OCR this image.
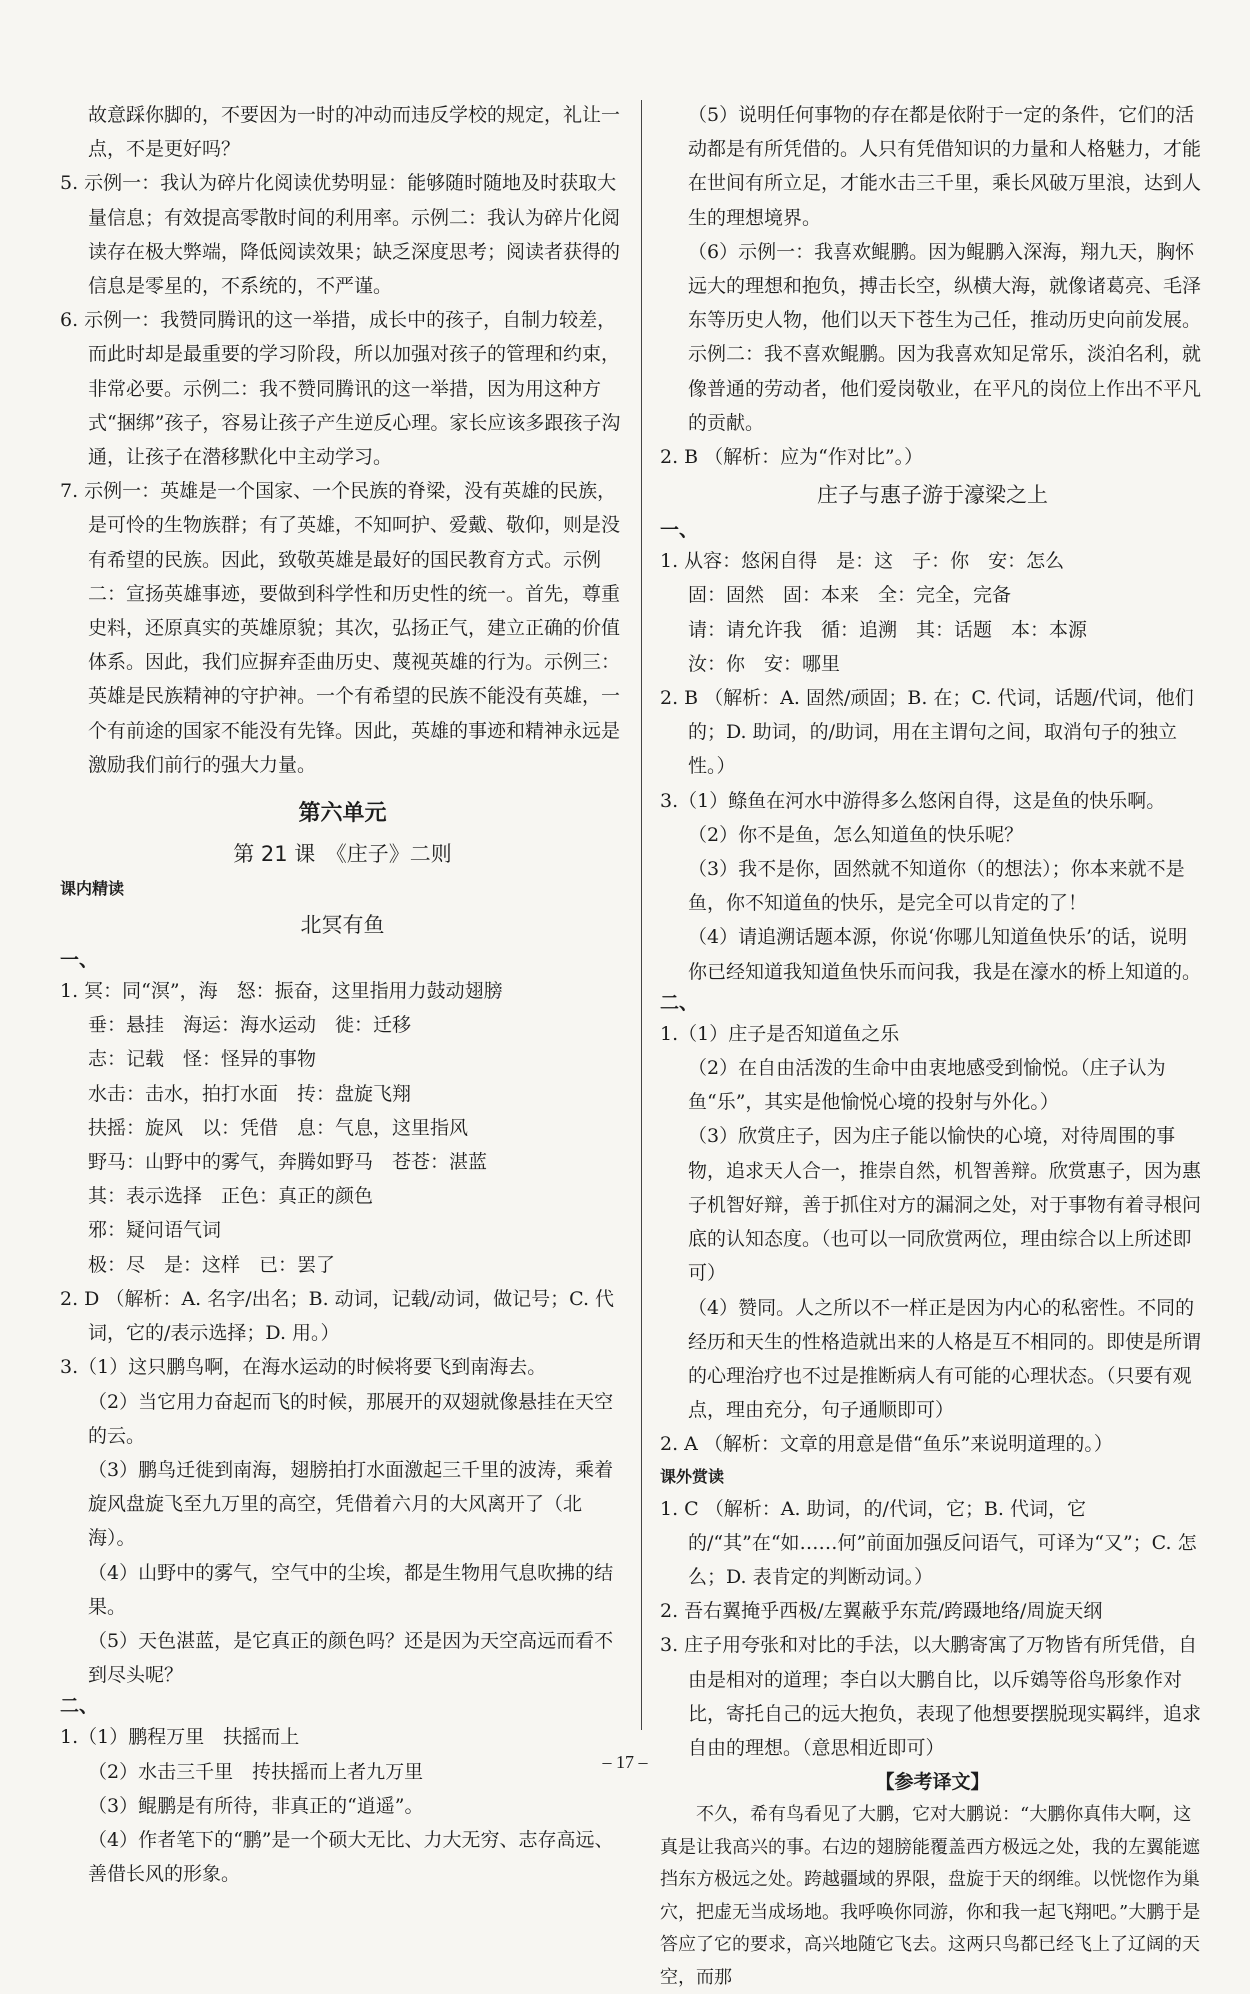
故意踩你脚的，不要因为一时的冲动而违反学校的规定，礼让一点，不是更好吗？

5. 示例一：我认为碎片化阅读优势明显：能够随时随地及时获取大量信息；有效提高零散时间的利用率。示例二：我认为碎片化阅读存在极大弊端，降低阅读效果；缺乏深度思考；阅读者获得的信息是零星的，不系统的，不严谨。

6. 示例一：我赞同腾讯的这一举措，成长中的孩子，自制力较差，而此时却是最重要的学习阶段，所以加强对孩子的管理和约束，非常必要。示例二：我不赞同腾讯的这一举措，因为用这种方式“捆绑”孩子，容易让孩子产生逆反心理。家长应该多跟孩子沟通，让孩子在潜移默化中主动学习。

7. 示例一：英雄是一个国家、一个民族的脊梁，没有英雄的民族，是可怜的生物族群；有了英雄，不知呵护、爱戴、敬仰，则是没有希望的民族。因此，致敬英雄是最好的国民教育方式。示例二：宣扬英雄事迹，要做到科学性和历史性的统一。首先，尊重史料，还原真实的英雄原貌；其次，弘扬正气，建立正确的价值体系。因此，我们应摒弃歪曲历史、蔑视英雄的行为。示例三：英雄是民族精神的守护神。一个有希望的民族不能没有英雄，一个有前途的国家不能没有先锋。因此，英雄的事迹和精神永远是激励我们前行的强大力量。

第六单元
第 21 课　《庄子》二则
课内精读
北冥有鱼
一、

1. 冥：同“溟”，海　怒：振奋，这里指用力鼓动翅膀

垂：悬挂　海运：海水运动　徙：迁移

志：记载　怪：怪异的事物

水击：击水，拍打水面　抟：盘旋飞翔

扶摇：旋风　以：凭借　息：气息，这里指风

野马：山野中的雾气，奔腾如野马　苍苍：湛蓝

其：表示选择　正色：真正的颜色

邪：疑问语气词

极：尽　是：这样　已：罢了

2. D （解析：A. 名字/出名；B. 动词，记载/动词，做记号；C. 代词，它的/表示选择；D. 用。）

3.（1）这只鹏鸟啊，在海水运动的时候将要飞到南海去。

（2）当它用力奋起而飞的时候，那展开的双翅就像悬挂在天空的云。

（3）鹏鸟迁徙到南海，翅膀拍打水面激起三千里的波涛，乘着旋风盘旋飞至九万里的高空，凭借着六月的大风离开了（北海）。

（4）山野中的雾气，空气中的尘埃，都是生物用气息吹拂的结果。

（5）天色湛蓝，是它真正的颜色吗？还是因为天空高远而看不到尽头呢？

二、

1.（1）鹏程万里　扶摇而上

（2）水击三千里　抟扶摇而上者九万里

（3）鲲鹏是有所待，非真正的“逍遥”。

（4）作者笔下的“鹏”是一个硕大无比、力大无穷、志存高远、善借长风的形象。

（5）说明任何事物的存在都是依附于一定的条件，它们的活动都是有所凭借的。人只有凭借知识的力量和人格魅力，才能在世间有所立足，才能水击三千里，乘长风破万里浪，达到人生的理想境界。

（6）示例一：我喜欢鲲鹏。因为鲲鹏入深海，翔九天，胸怀远大的理想和抱负，搏击长空，纵横大海，就像诸葛亮、毛泽东等历史人物，他们以天下苍生为己任，推动历史向前发展。示例二：我不喜欢鲲鹏。因为我喜欢知足常乐，淡泊名利，就像普通的劳动者，他们爱岗敬业，在平凡的岗位上作出不平凡的贡献。

2. B （解析：应为“作对比”。）

庄子与惠子游于濠梁之上
一、

1. 从容：悠闲自得　是：这　子：你　安：怎么

固：固然　固：本来　全：完全，完备

请：请允许我　循：追溯　其：话题　本：本源

汝：你　安：哪里

2. B （解析：A. 固然/顽固；B. 在；C. 代词，话题/代词，他们的；D. 助词，的/助词，用在主谓句之间，取消句子的独立性。）

3.（1）鲦鱼在河水中游得多么悠闲自得，这是鱼的快乐啊。

（2）你不是鱼，怎么知道鱼的快乐呢？

（3）我不是你，固然就不知道你（的想法）；你本来就不是鱼，你不知道鱼的快乐，是完全可以肯定的了！

（4）请追溯话题本源，你说‘你哪儿知道鱼快乐’的话，说明你已经知道我知道鱼快乐而问我，我是在濠水的桥上知道的。

二、

1.（1）庄子是否知道鱼之乐

（2）在自由活泼的生命中由衷地感受到愉悦。（庄子认为鱼“乐”，其实是他愉悦心境的投射与外化。）

（3）欣赏庄子，因为庄子能以愉快的心境，对待周围的事物，追求天人合一，推崇自然，机智善辩。欣赏惠子，因为惠子机智好辩，善于抓住对方的漏洞之处，对于事物有着寻根问底的认知态度。（也可以一同欣赏两位，理由综合以上所述即可）

（4）赞同。人之所以不一样正是因为内心的私密性。不同的经历和天生的性格造就出来的人格是互不相同的。即使是所谓的心理治疗也不过是推断病人有可能的心理状态。（只要有观点，理由充分，句子通顺即可）

2. A （解析：文章的用意是借“鱼乐”来说明道理的。）

课外赏读

1. C （解析：A. 助词，的/代词，它；B. 代词，它的/“其”在“如……何”前面加强反问语气，可译为“又”；C. 怎么；D. 表肯定的判断动词。）

2. 吾右翼掩乎西极/左翼蔽乎东荒/跨蹑地络/周旋天纲

3. 庄子用夸张和对比的手法，以大鹏寄寓了万物皆有所凭借，自由是相对的道理；李白以大鹏自比，以斥鴳等俗鸟形象作对比，寄托自己的远大抱负，表现了他想要摆脱现实羁绊，追求自由的理想。（意思相近即可）

【参考译文】

不久，希有鸟看见了大鹏，它对大鹏说：“大鹏你真伟大啊，这真是让我高兴的事。右边的翅膀能覆盖西方极远之处，我的左翼能遮挡东方极远之处。跨越疆域的界限，盘旋于天的纲维。以恍惚作为巢穴，把虚无当成场地。我呼唤你同游，你和我一起飞翔吧。”大鹏于是答应了它的要求，高兴地随它飞去。这两只鸟都已经飞上了辽阔的天空，而那

– 17 –
